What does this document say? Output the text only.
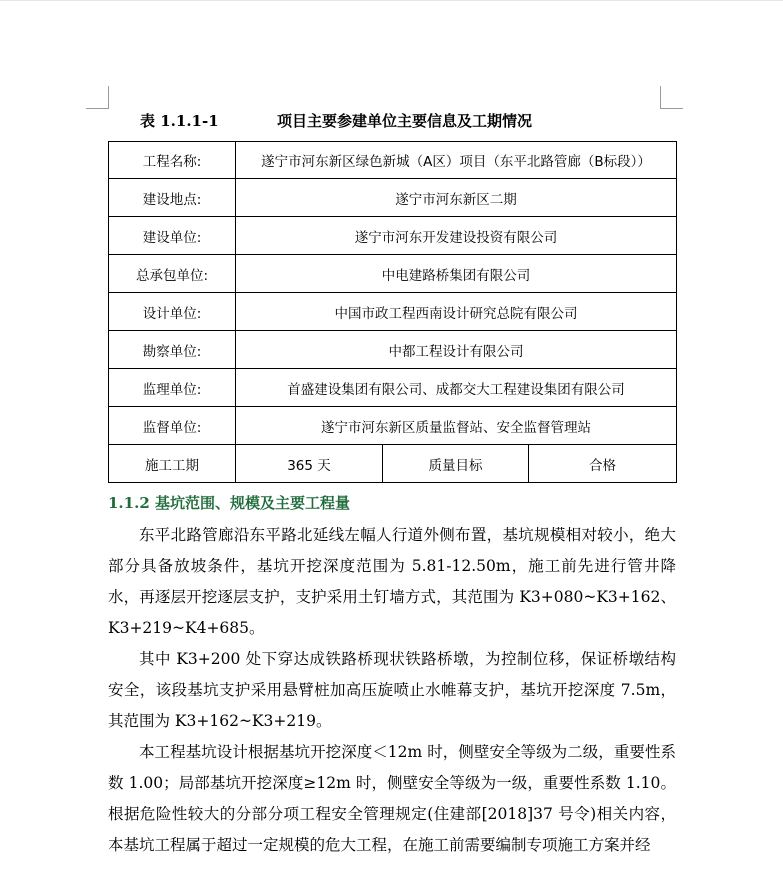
表 1.1.1-1	项目主要参建单位主要信息及工期情况
工程名称:	遂宁市河东新区绿色新城（A区）项目（东平北路管廊（B标段））		
建设地点:	遂宁市河东新区二期		
建设单位:	遂宁市河东开发建设投资有限公司		
总承包单位:	中电建路桥集团有限公司		
设计单位:	中国市政工程西南设计研究总院有限公司		
勘察单位:	中都工程设计有限公司		
监理单位:	首盛建设集团有限公司、成都交大工程建设集团有限公司		
监督单位:	遂宁市河东新区质量监督站、安全监督管理站		
施工工期	365 天	质量目标	合格
1.1.2 基坑范围、规模及主要工程量

东平北路管廊沿东平路北延线左幅人行道外侧布置，基坑规模相对较小，绝大部分具备放坡条件，基坑开挖深度范围为 5.81-12.50m，施工前先进行管井降水，再逐层开挖逐层支护，支护采用土钉墙方式，其范围为 K3+080~K3+162、K3+219~K4+685。

其中 K3+200 处下穿达成铁路桥现状铁路桥墩，为控制位移，保证桥墩结构安全，该段基坑支护采用悬臂桩加高压旋喷止水帷幕支护，基坑开挖深度 7.5m，其范围为 K3+162~K3+219。

本工程基坑设计根据基坑开挖深度＜12m 时，侧壁安全等级为二级，重要性系数 1.00；局部基坑开挖深度≥12m 时，侧壁安全等级为一级，重要性系数 1.10。根据危险性较大的分部分项工程安全管理规定(住建部[2018]37 号令)相关内容，本基坑工程属于超过一定规模的危大工程，在施工前需要编制专项施工方案并经
